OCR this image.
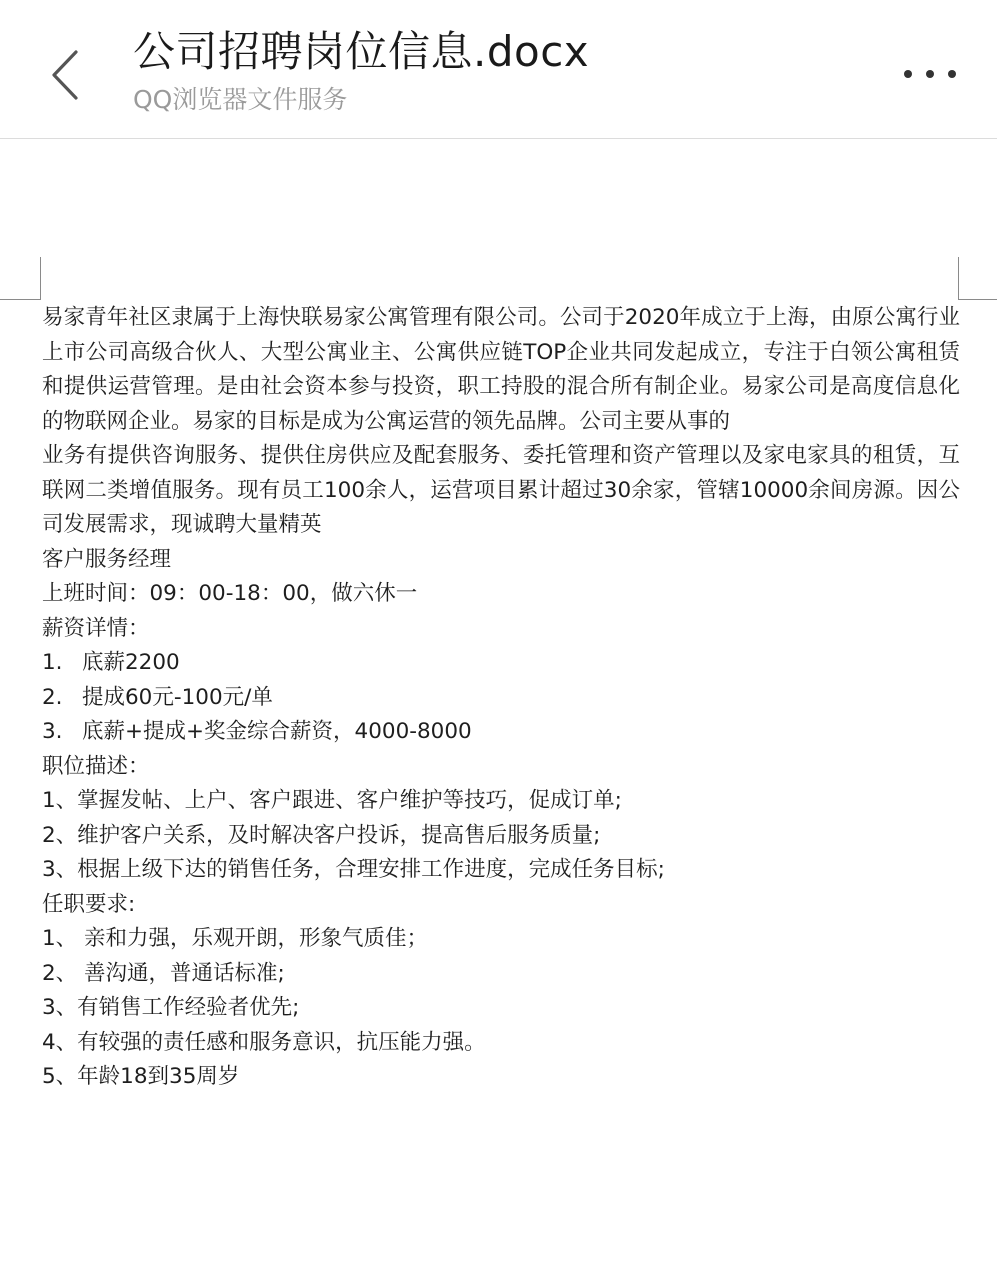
公司招聘岗位信息.docx
QQ浏览器文件服务

易家青年社区隶属于上海快联易家公寓管理有限公司。公司于2020年成立于上海，由原公寓行业上市公司高级合伙人、大型公寓业主、公寓供应链TOP企业共同发起成立，专注于白领公寓租赁和提供运营管理。是由社会资本参与投资，职工持股的混合所有制企业。易家公司是高度信息化的物联网企业。易家的目标是成为公寓运营的领先品牌。公司主要从事的

业务有提供咨询服务、提供住房供应及配套服务、委托管理和资产管理以及家电家具的租赁，互联网二类增值服务。现有员工100余人，运营项目累计超过30余家，管辖10000余间房源。因公司发展需求，现诚聘大量精英

客户服务经理

上班时间：09：00-18：00，做六休一

薪资详情：

1. 底薪2200

2. 提成60元-100元/单

3. 底薪+提成+奖金综合薪资，4000-8000

职位描述：

1、掌握发帖、上户、客户跟进、客户维护等技巧，促成订单;

2、维护客户关系，及时解决客户投诉，提高售后服务质量;

3、根据上级下达的销售任务，合理安排工作进度，完成任务目标;

任职要求:

1、 亲和力强，乐观开朗，形象气质佳；

2、 善沟通，普通话标准;

3、有销售工作经验者优先;

4、有较强的责任感和服务意识，抗压能力强。

5、年龄18到35周岁
